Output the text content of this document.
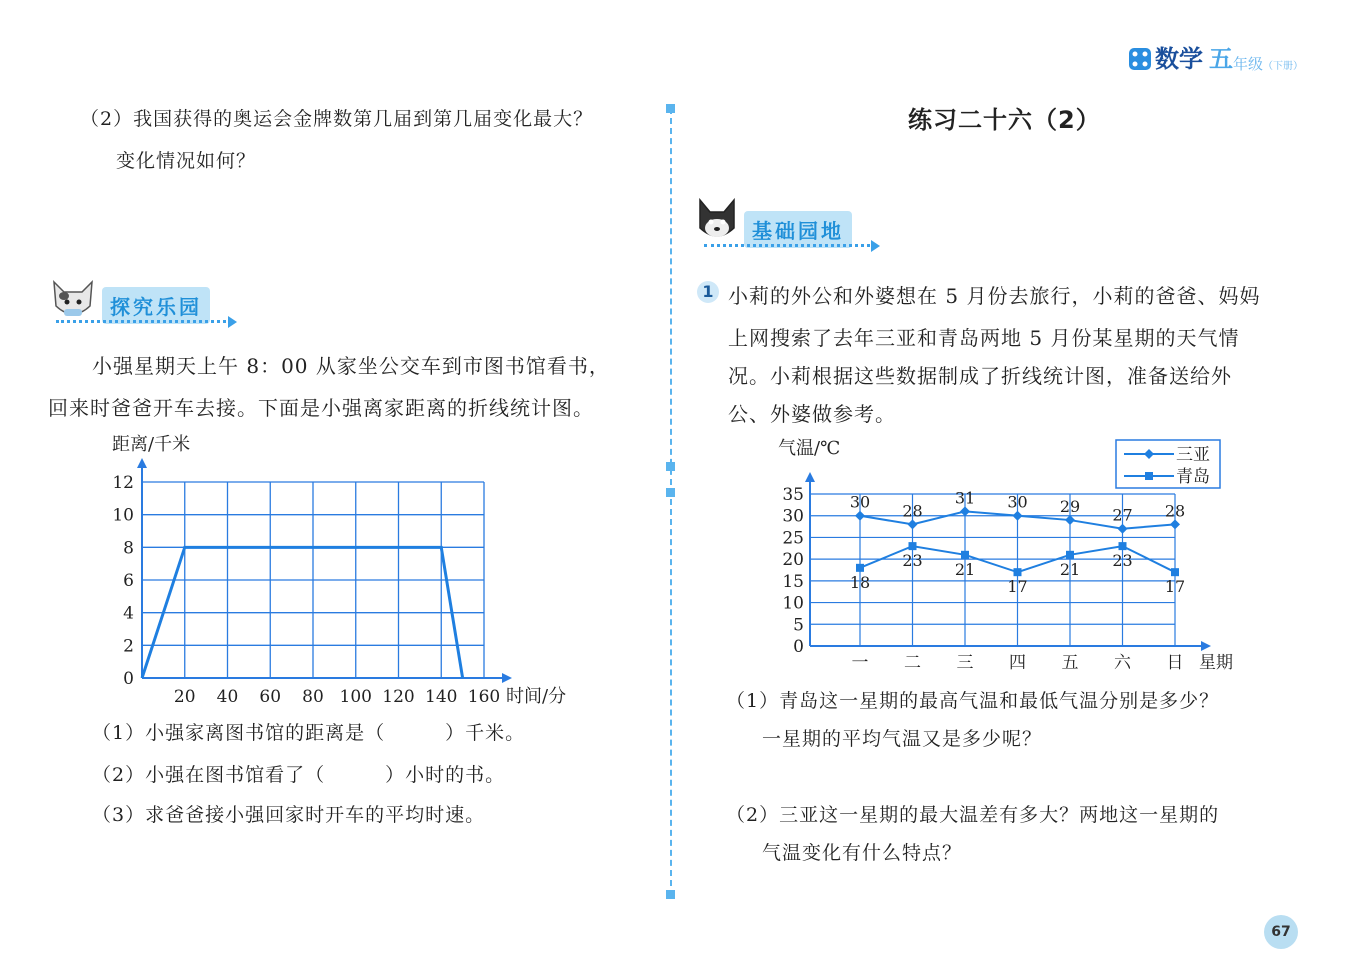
数学 五 年级 （下册）
（2）我国获得的奥运会金牌数第几届到第几届变化最大？
变化情况如何？
探究乐园
小强星期天上午 8：00 从家坐公交车到市图书馆看书，
回来时爸爸开车去接。下面是小强离家距离的折线统计图。
距离/千米
0
2
4
6
8
10
12
20 40 60 80 100 120 140 160 时间/分
（1）小强家离图书馆的距离是（　　　）千米。
（2）小强在图书馆看了（　　　）小时的书。
（3）求爸爸接小强回家时开车的平均时速。
练习二十六（2）
基础园地
1 小莉的外公和外婆想在 5 月份去旅行，小莉的爸爸、妈妈
上网搜索了去年三亚和青岛两地 5 月份某星期的天气情
况。小莉根据这些数据制成了折线统计图，准备送给外
公、外婆做参考。
气温/℃
0
5
10
15
20
25
30
35
一 二 三 四 五 六 日 星期
30 28
31 30 29 27 28
18
23 21
17
21 23
17
三亚
青岛
（1）青岛这一星期的最高气温和最低气温分别是多少？
一星期的平均气温又是多少呢？
（2）三亚这一星期的最大温差有多大？两地这一星期的
气温变化有什么特点？
67
